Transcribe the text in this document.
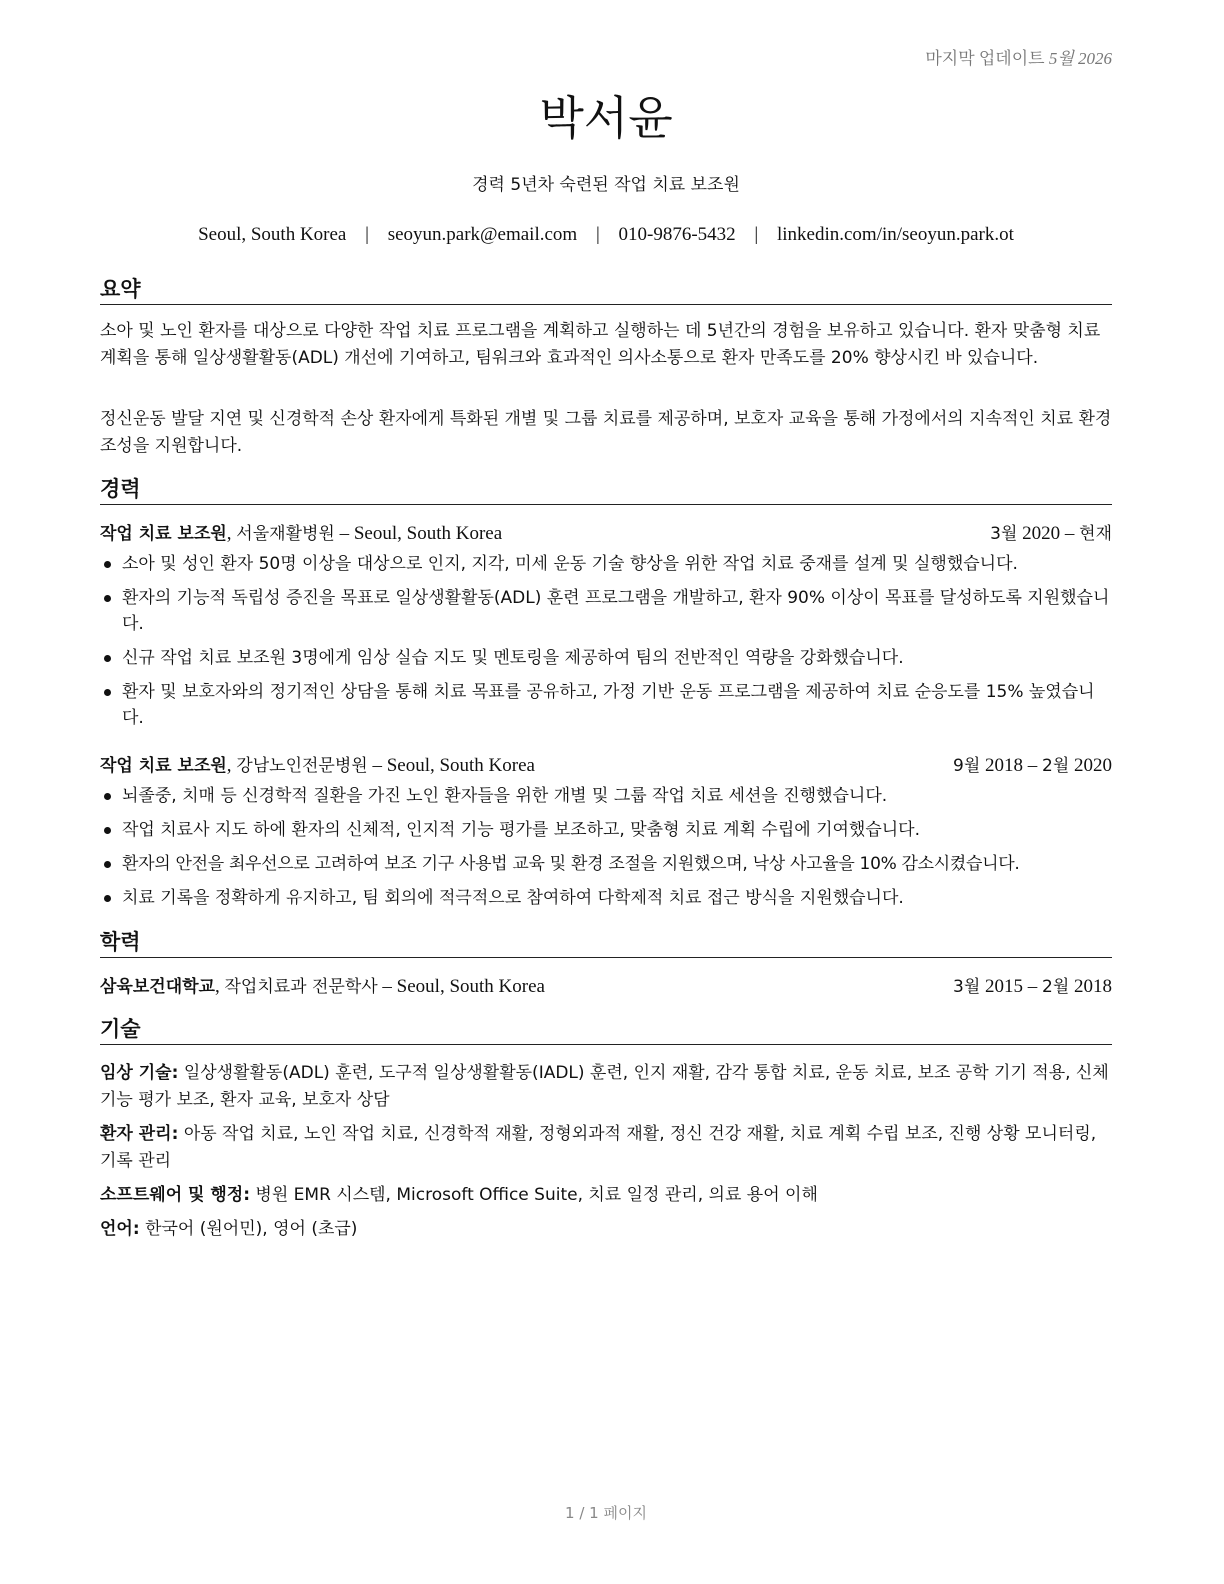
마지막 업데이트 5월 2026
박서윤
경력 5년차 숙련된 작업 치료 보조원
Seoul, South Korea | seoyun.park@email.com | 010-9876-5432 | linkedin.com/in/seoyun.park.ot
요약
소아 및 노인 환자를 대상으로 다양한 작업 치료 프로그램을 계획하고 실행하는 데 5년간의 경험을 보유하고 있습니다. 환자 맞춤형 치료 계획을 통해 일상생활활동(ADL) 개선에 기여하고, 팀워크와 효과적인 의사소통으로 환자 만족도를 20% 향상시킨 바 있습니다.
정신운동 발달 지연 및 신경학적 손상 환자에게 특화된 개별 및 그룹 치료를 제공하며, 보호자 교육을 통해 가정에서의 지속적인 치료 환경 조성을 지원합니다.
경력
작업 치료 보조원, 서울재활병원 – Seoul, South Korea	3월 2020 – 현재
소아 및 성인 환자 50명 이상을 대상으로 인지, 지각, 미세 운동 기술 향상을 위한 작업 치료 중재를 설계 및 실행했습니다.
환자의 기능적 독립성 증진을 목표로 일상생활활동(ADL) 훈련 프로그램을 개발하고, 환자 90% 이상이 목표를 달성하도록 지원했습니다.
신규 작업 치료 보조원 3명에게 임상 실습 지도 및 멘토링을 제공하여 팀의 전반적인 역량을 강화했습니다.
환자 및 보호자와의 정기적인 상담을 통해 치료 목표를 공유하고, 가정 기반 운동 프로그램을 제공하여 치료 순응도를 15% 높였습니다.
작업 치료 보조원, 강남노인전문병원 – Seoul, South Korea	9월 2018 – 2월 2020
뇌졸중, 치매 등 신경학적 질환을 가진 노인 환자들을 위한 개별 및 그룹 작업 치료 세션을 진행했습니다.
작업 치료사 지도 하에 환자의 신체적, 인지적 기능 평가를 보조하고, 맞춤형 치료 계획 수립에 기여했습니다.
환자의 안전을 최우선으로 고려하여 보조 기구 사용법 교육 및 환경 조절을 지원했으며, 낙상 사고율을 10% 감소시켰습니다.
치료 기록을 정확하게 유지하고, 팀 회의에 적극적으로 참여하여 다학제적 치료 접근 방식을 지원했습니다.
학력
삼육보건대학교, 작업치료과 전문학사 – Seoul, South Korea	3월 2015 – 2월 2018
기술
임상 기술: 일상생활활동(ADL) 훈련, 도구적 일상생활활동(IADL) 훈련, 인지 재활, 감각 통합 치료, 운동 치료, 보조 공학 기기 적용, 신체 기능 평가 보조, 환자 교육, 보호자 상담
환자 관리: 아동 작업 치료, 노인 작업 치료, 신경학적 재활, 정형외과적 재활, 정신 건강 재활, 치료 계획 수립 보조, 진행 상황 모니터링, 기록 관리
소프트웨어 및 행정: 병원 EMR 시스템, Microsoft Office Suite, 치료 일정 관리, 의료 용어 이해
언어: 한국어 (원어민), 영어 (초급)
1 / 1 페이지
